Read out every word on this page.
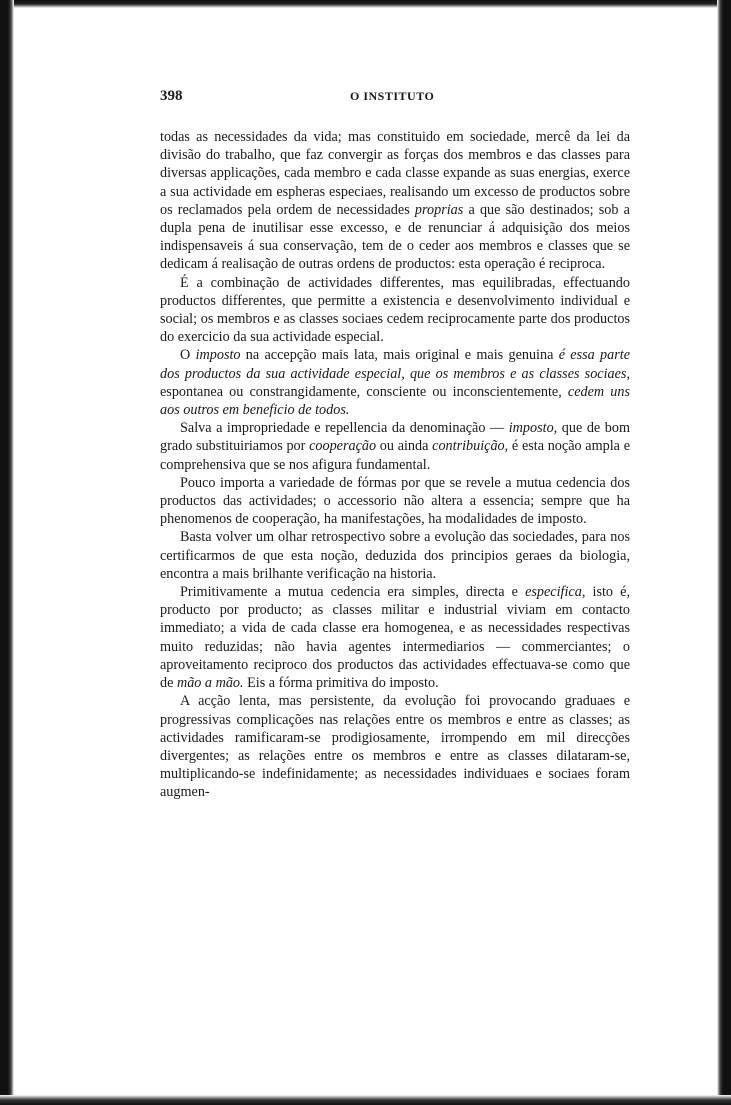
398	O INSTITUTO

todas as necessidades da vida; mas constituido em sociedade, mercê da lei da divisão do trabalho, que faz convergir as forças dos membros e das classes para diversas applicações, cada membro e cada classe expande as suas energias, exerce a sua actividade em espheras especiaes, realisando um excesso de productos sobre os reclamados pela ordem de necessidades proprias a que são destinados; sob a dupla pena de inutilisar esse excesso, e de renunciar á adquisição dos meios indispensaveis á sua conservação, tem de o ceder aos membros e classes que se dedicam á realisação de outras ordens de productos: esta operação é reciproca.

É a combinação de actividades differentes, mas equilibradas, effectuando productos differentes, que permitte a existencia e desenvolvimento individual e social; os membros e as classes sociaes cedem reciprocamente parte dos productos do exercicio da sua actividade especial.

O imposto na accepção mais lata, mais original e mais genuina é essa parte dos productos da sua actividade especial, que os membros e as classes sociaes, espontanea ou constrangidamente, consciente ou inconscientemente, cedem uns aos outros em beneficio de todos.

Salva a impropriedade e repellencia da denominação — imposto, que de bom grado substituiriamos por cooperação ou ainda contribuição, é esta noção ampla e comprehensiva que se nos afigura fundamental.

Pouco importa a variedade de fórmas por que se revele a mutua cedencia dos productos das actividades; o accessorio não altera a essencia; sempre que ha phenomenos de cooperação, ha manifestações, ha modalidades de imposto.

Basta volver um olhar retrospectivo sobre a evolução das sociedades, para nos certificarmos de que esta noção, deduzida dos principios geraes da biologia, encontra a mais brilhante verificação na historia.

Primitivamente a mutua cedencia era simples, directa e especifica, isto é, producto por producto; as classes militar e industrial viviam em contacto immediato; a vida de cada classe era homogenea, e as necessidades respectivas muito reduzidas; não havia agentes intermediarios — commerciantes; o aproveitamento reciproco dos productos das actividades effectuava-se como que de mão a mão. Eis a fórma primitiva do imposto.

A acção lenta, mas persistente, da evolução foi provocando graduaes e progressivas complicações nas relações entre os membros e entre as classes; as actividades ramificaram-se prodigiosamente, irrompendo em mil direcções divergentes; as relações entre os membros e entre as classes dilataram-se, multiplicando-se indefinidamente; as necessidades individuaes e sociaes foram augmen-
